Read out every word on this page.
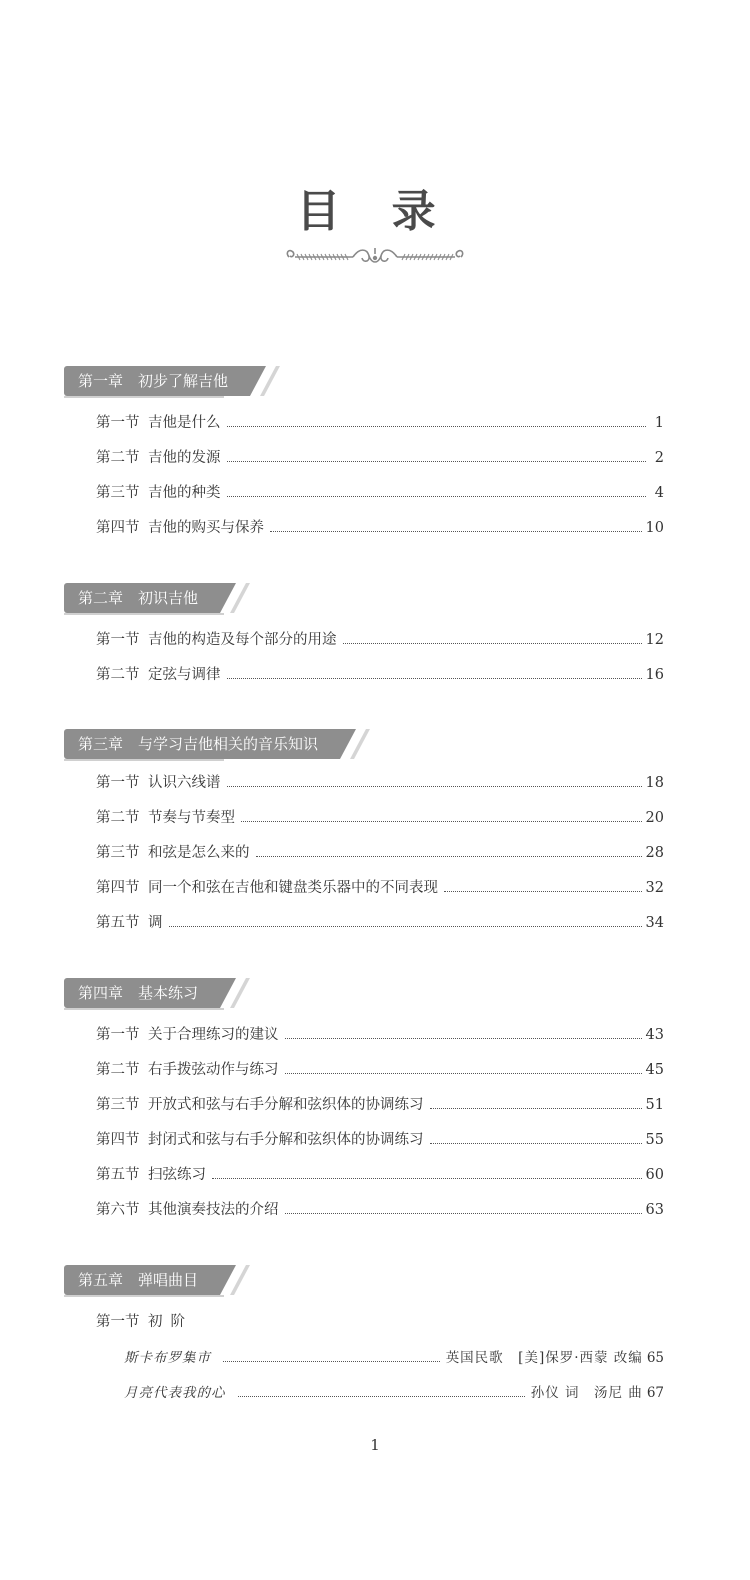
目 录
第一章　初步了解吉他
第一节 吉他是什么	1
第二节 吉他的发源	2
第三节 吉他的种类	4
第四节 吉他的购买与保养	10
第二章　初识吉他
第一节 吉他的构造及每个部分的用途	12
第二节 定弦与调律	16
第三章　与学习吉他相关的音乐知识
第一节 认识六线谱	18
第二节 节奏与节奏型	20
第三节 和弦是怎么来的	28
第四节 同一个和弦在吉他和键盘类乐器中的不同表现	32
第五节 调	34
第四章　基本练习
第一节 关于合理练习的建议	43
第二节 右手拨弦动作与练习	45
第三节 开放式和弦与右手分解和弦织体的协调练习	51
第四节 封闭式和弦与右手分解和弦织体的协调练习	55
第五节 扫弦练习	60
第六节 其他演奏技法的介绍	63
第五章　弹唱曲目
第一节 初阶
斯卡布罗集市	英国民歌　[美]保罗·西蒙 改编 65
月亮代表我的心	孙仪 词　汤尼 曲 67
1
